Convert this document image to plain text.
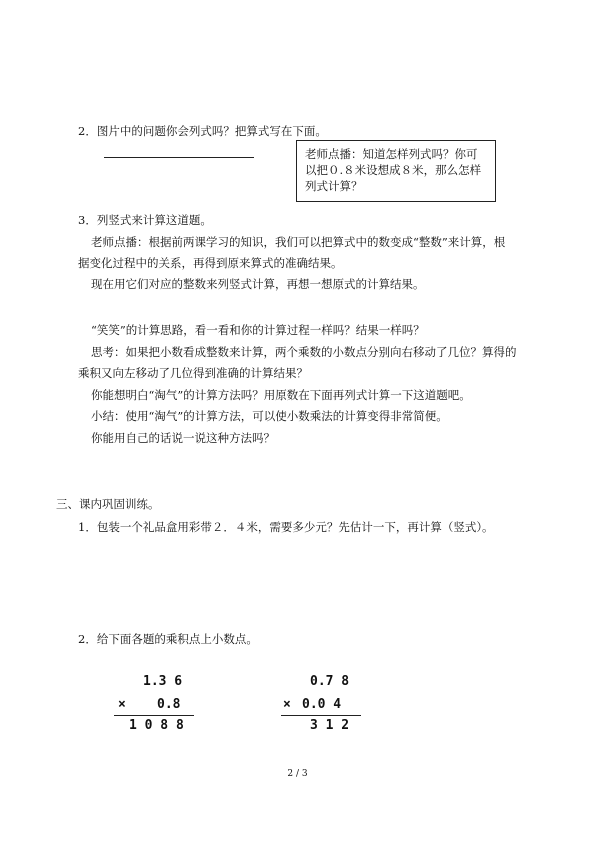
2．图片中的问题你会列式吗？把算式写在下面。
老师点播：知道怎样列式吗？你可
以把０.８米设想成８米，那么怎样
列式计算？
3．列竖式来计算这道题。
老师点播：根据前两课学习的知识，我们可以把算式中的数变成“整数”来计算，根
据变化过程中的关系，再得到原来算式的准确结果。
现在用它们对应的整数来列竖式计算，再想一想原式的计算结果。
“笑笑”的计算思路，看一看和你的计算过程一样吗？结果一样吗？
思考：如果把小数看成整数来计算，两个乘数的小数点分别向右移动了几位？算得的
乘积又向左移动了几位得到准确的计算结果？
你能想明白“淘气”的计算方法吗？用原数在下面再列式计算一下这道题吧。
小结：使用“淘气”的计算方法，可以使小数乘法的计算变得非常简便。
你能用自己的话说一说这种方法吗？
三、课内巩固训练。
1．包装一个礼品盒用彩带２．４米，需要多少元？先估计一下，再计算（竖式）。
2．给下面各题的乘积点上小数点。
1.3 6
× 0.8
1 0 8 8
0.7 8
× 0.0 4
3 1 2
2 / 3
